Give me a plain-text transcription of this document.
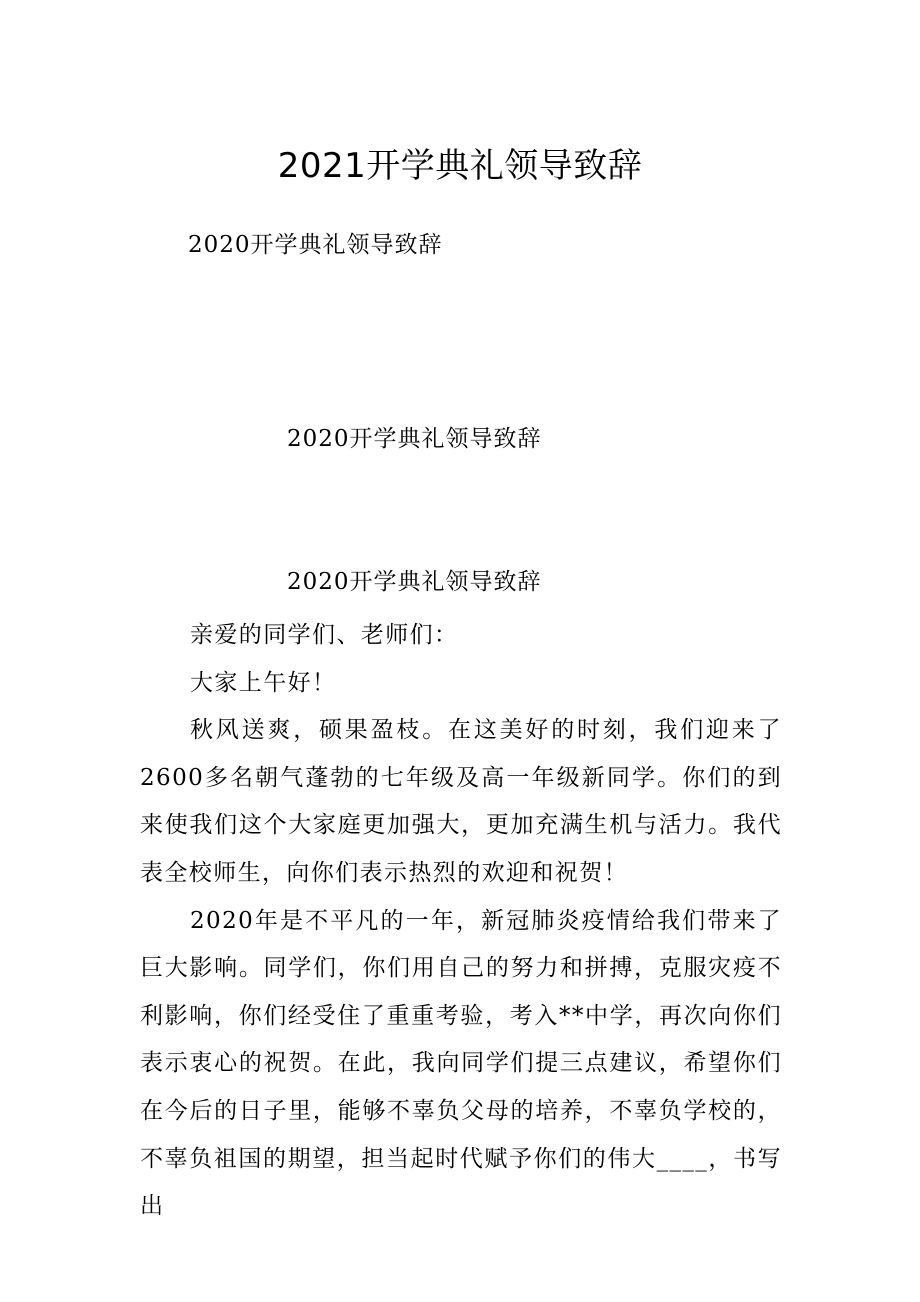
2021开学典礼领导致辞
2020开学典礼领导致辞
2020开学典礼领导致辞
2020开学典礼领导致辞

亲爱的同学们、老师们：

大家上午好！

秋风送爽，硕果盈枝。在这美好的时刻，我们迎来了2600多名朝气蓬勃的七年级及高一年级新同学。你们的到来使我们这个大家庭更加强大，更加充满生机与活力。我代表全校师生，向你们表示热烈的欢迎和祝贺！

2020年是不平凡的一年，新冠肺炎疫情给我们带来了巨大影响。同学们，你们用自己的努力和拼搏，克服灾疫不利影响，你们经受住了重重考验，考入**中学，再次向你们表示衷心的祝贺。在此，我向同学们提三点建议，希望你们在今后的日子里，能够不辜负父母的培养，不辜负学校的，不辜负祖国的期望，担当起时代赋予你们的伟大____，书写出
